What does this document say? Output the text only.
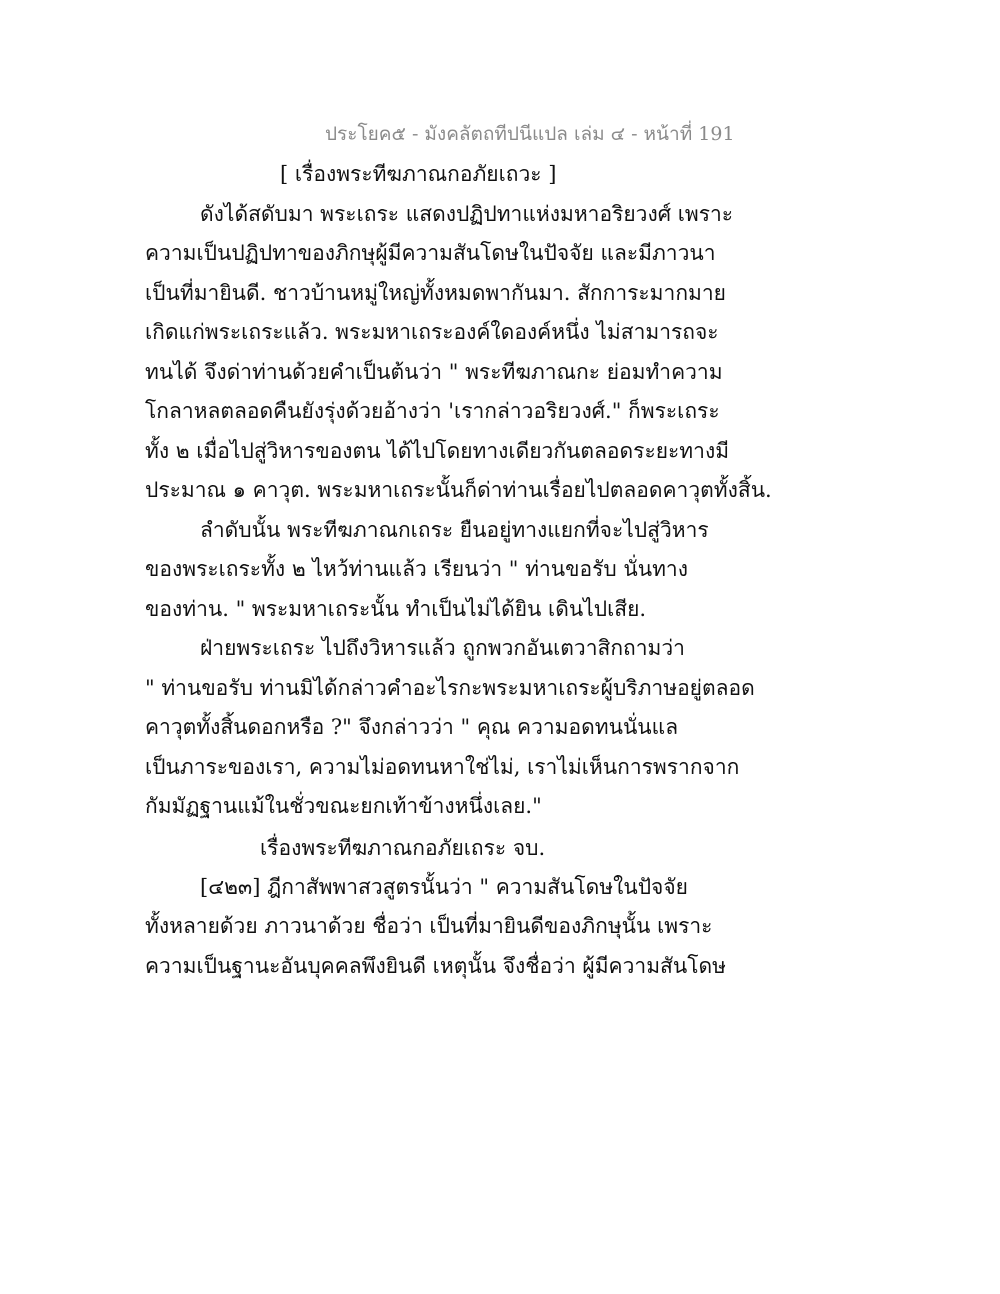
ประโยค๕ - มังคลัตถทีปนีแปล เล่ม ๔ - หน้าที่ 191
[ เรื่องพระทีฆภาณกอภัยเถวะ ]
ดังได้สดับมา พระเถระ แสดงปฏิปทาแห่งมหาอริยวงศ์ เพราะ
ความเป็นปฏิปทาของภิกษุผู้มีความสันโดษในปัจจัย และมีภาวนา
เป็นที่มายินดี. ชาวบ้านหมู่ใหญ่ทั้งหมดพากันมา. สักการะมากมาย
เกิดแก่พระเถระแล้ว. พระมหาเถระองค์ใดองค์หนึ่ง ไม่สามารถจะ
ทนได้ จึงด่าท่านด้วยคำเป็นต้นว่า " พระทีฆภาณกะ ย่อมทำความ
โกลาหลตลอดคืนยังรุ่งด้วยอ้างว่า 'เรากล่าวอริยวงศ์." ก็พระเถระ
ทั้ง ๒ เมื่อไปสู่วิหารของตน ได้ไปโดยทางเดียวกันตลอดระยะทางมี
ประมาณ ๑ คาวุต. พระมหาเถระนั้นก็ด่าท่านเรื่อยไปตลอดคาวุตทั้งสิ้น.
ลำดับนั้น พระทีฆภาณกเถระ ยืนอยู่ทางแยกที่จะไปสู่วิหาร
ของพระเถระทั้ง ๒ ไหว้ท่านแล้ว เรียนว่า " ท่านขอรับ นั่นทาง
ของท่าน. " พระมหาเถระนั้น ทำเป็นไม่ได้ยิน เดินไปเสีย.
ฝ่ายพระเถระ ไปถึงวิหารแล้ว ถูกพวกอันเตวาสิกถามว่า
" ท่านขอรับ ท่านมิได้กล่าวคำอะไรกะพระมหาเถระผู้บริภาษอยู่ตลอด
คาวุตทั้งสิ้นดอกหรือ ?" จึงกล่าวว่า " คุณ ความอดทนนั่นแล
เป็นภาระของเรา, ความไม่อดทนหาใช่ไม่, เราไม่เห็นการพรากจาก
กัมมัฏฐานแม้ในชั่วขณะยกเท้าข้างหนึ่งเลย."
เรื่องพระทีฆภาณกอภัยเถระ จบ.
[๔๒๓] ฎีกาสัพพาสวสูตรนั้นว่า " ความสันโดษในปัจจัย
ทั้งหลายด้วย ภาวนาด้วย ชื่อว่า เป็นที่มายินดีของภิกษุนั้น เพราะ
ความเป็นฐานะอันบุคคลพึงยินดี เหตุนั้น จึงชื่อว่า ผู้มีความสันโดษ
